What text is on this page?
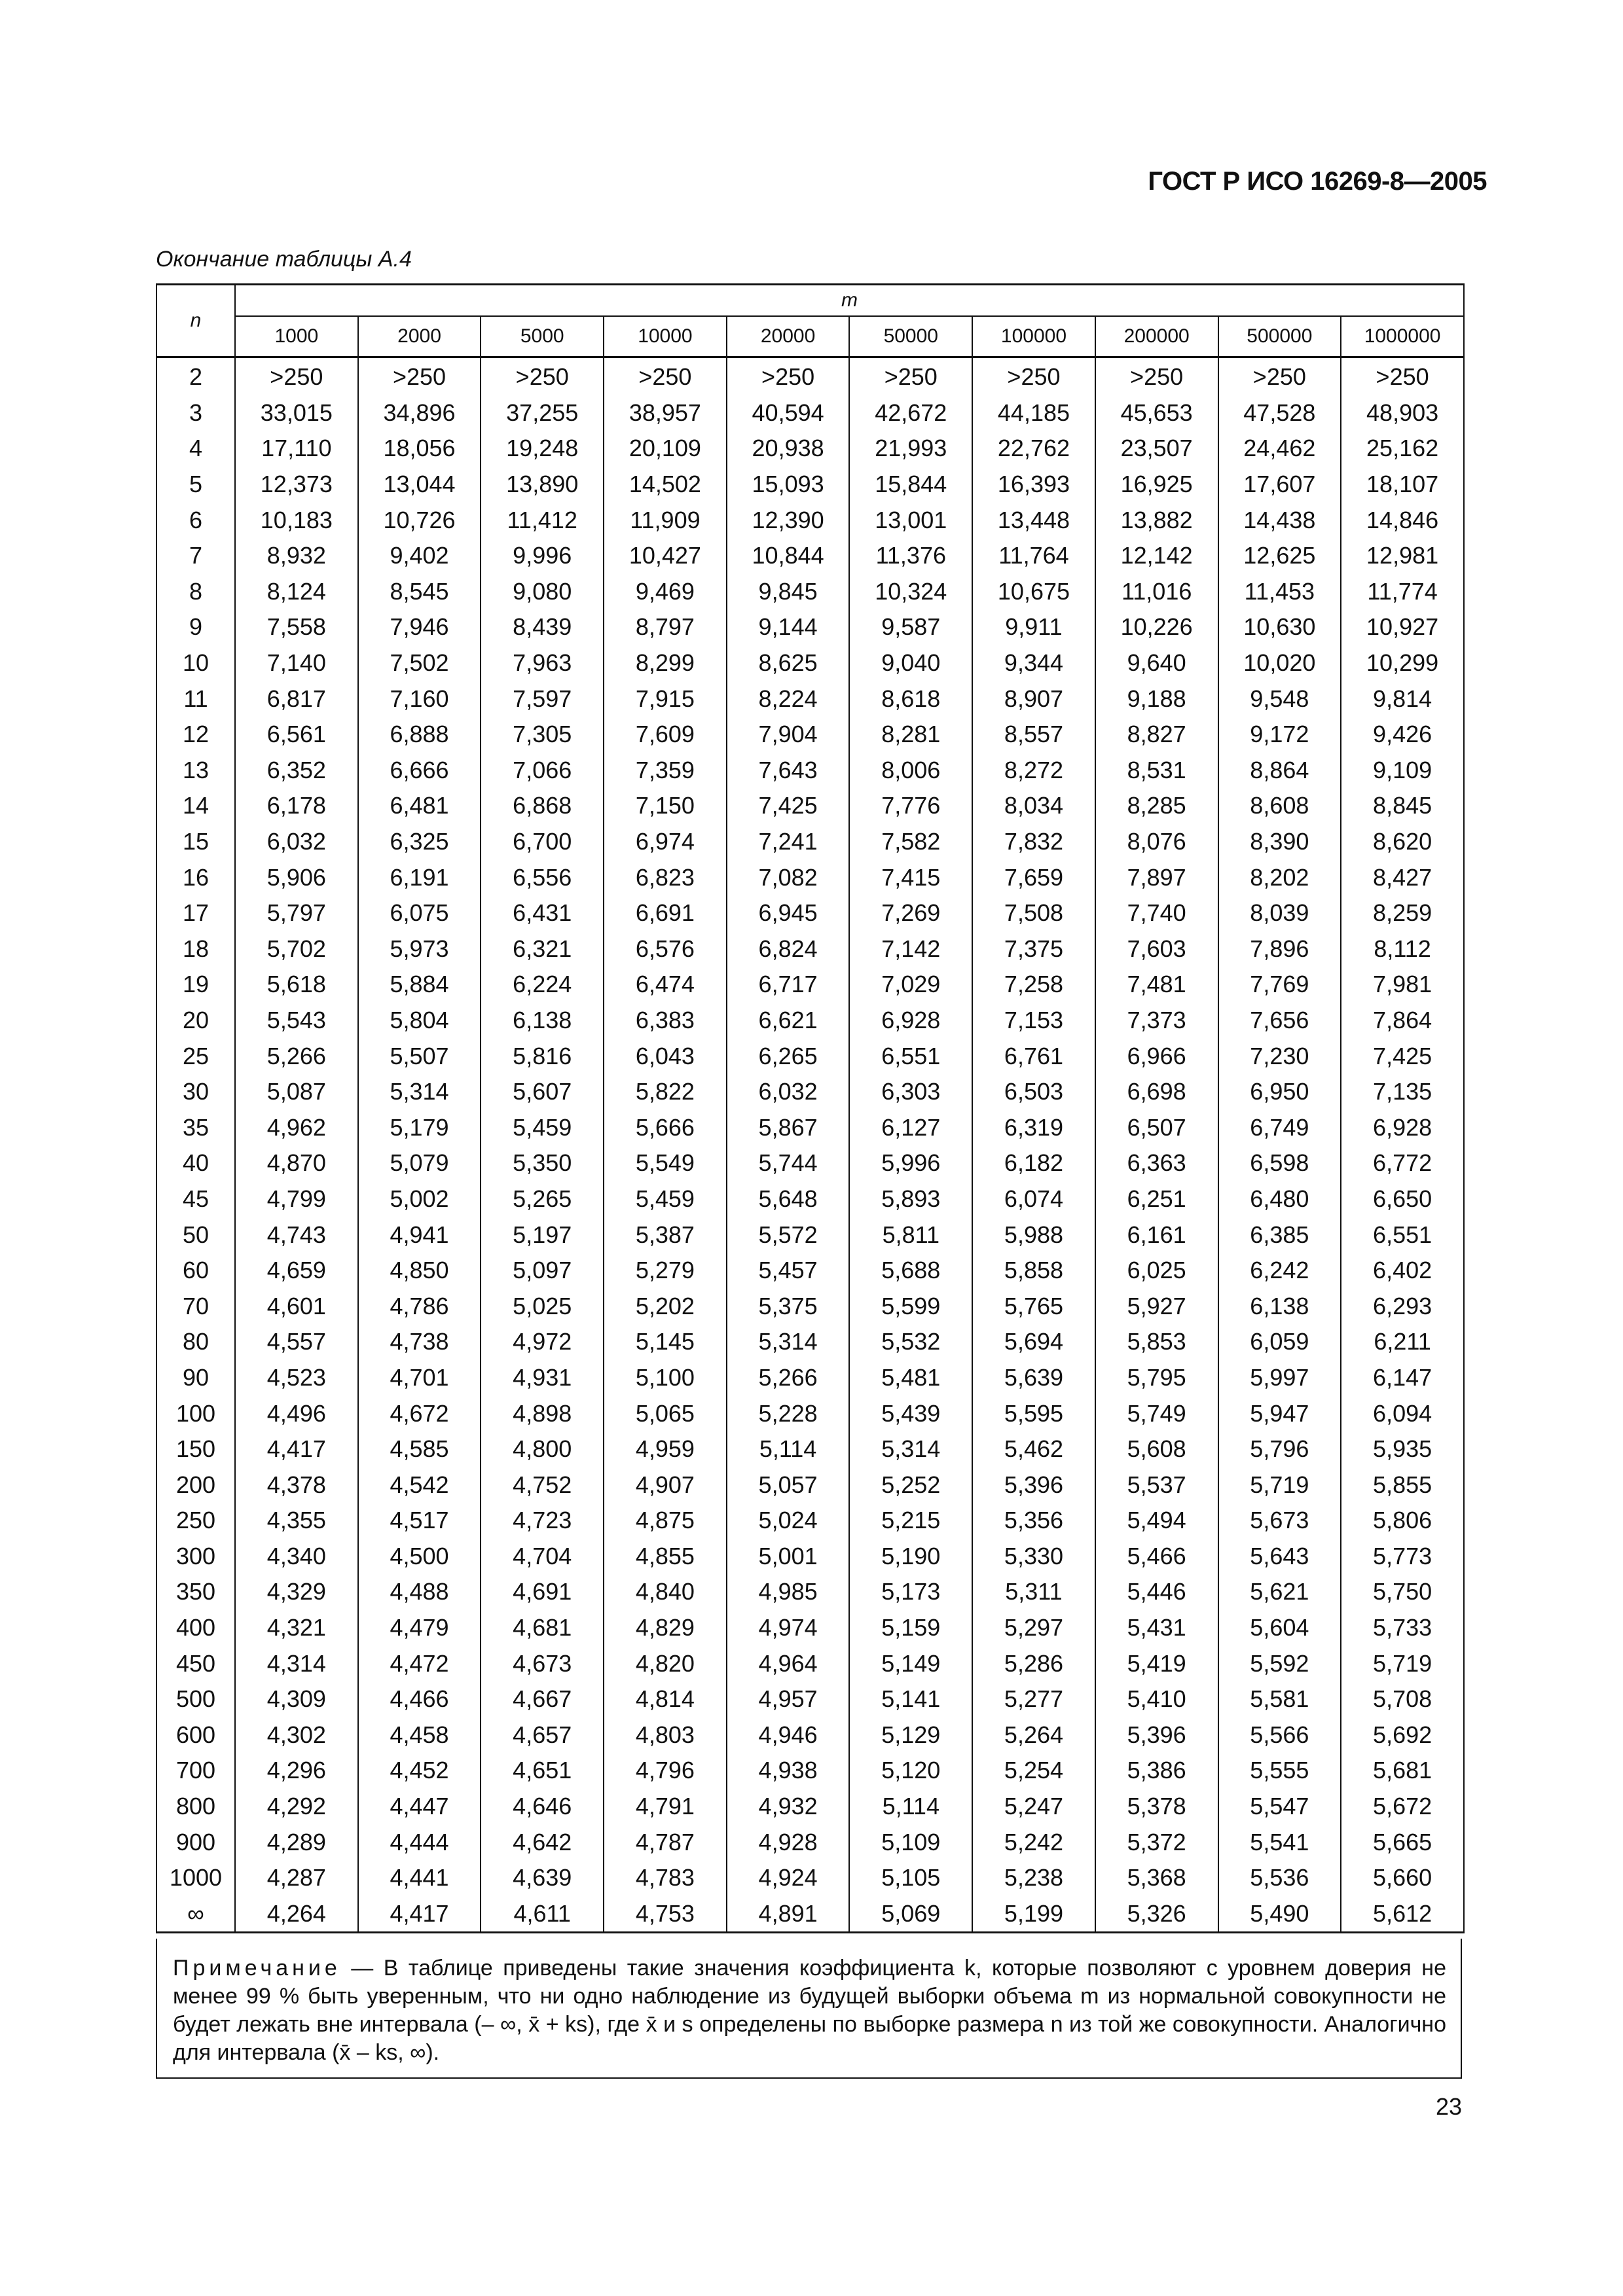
ГОСТ Р ИСО 16269-8—2005
Окончание таблицы А.4
n	m									
	1000	2000	5000	10000	20000	50000	100000	200000	500000	1000000
2	>250	>250	>250	>250	>250	>250	>250	>250	>250	>250
3	33,015	34,896	37,255	38,957	40,594	42,672	44,185	45,653	47,528	48,903
4	17,110	18,056	19,248	20,109	20,938	21,993	22,762	23,507	24,462	25,162
5	12,373	13,044	13,890	14,502	15,093	15,844	16,393	16,925	17,607	18,107
6	10,183	10,726	11,412	11,909	12,390	13,001	13,448	13,882	14,438	14,846
7	8,932	9,402	9,996	10,427	10,844	11,376	11,764	12,142	12,625	12,981
8	8,124	8,545	9,080	9,469	9,845	10,324	10,675	11,016	11,453	11,774
9	7,558	7,946	8,439	8,797	9,144	9,587	9,911	10,226	10,630	10,927
10	7,140	7,502	7,963	8,299	8,625	9,040	9,344	9,640	10,020	10,299
11	6,817	7,160	7,597	7,915	8,224	8,618	8,907	9,188	9,548	9,814
12	6,561	6,888	7,305	7,609	7,904	8,281	8,557	8,827	9,172	9,426
13	6,352	6,666	7,066	7,359	7,643	8,006	8,272	8,531	8,864	9,109
14	6,178	6,481	6,868	7,150	7,425	7,776	8,034	8,285	8,608	8,845
15	6,032	6,325	6,700	6,974	7,241	7,582	7,832	8,076	8,390	8,620
16	5,906	6,191	6,556	6,823	7,082	7,415	7,659	7,897	8,202	8,427
17	5,797	6,075	6,431	6,691	6,945	7,269	7,508	7,740	8,039	8,259
18	5,702	5,973	6,321	6,576	6,824	7,142	7,375	7,603	7,896	8,112
19	5,618	5,884	6,224	6,474	6,717	7,029	7,258	7,481	7,769	7,981
20	5,543	5,804	6,138	6,383	6,621	6,928	7,153	7,373	7,656	7,864
25	5,266	5,507	5,816	6,043	6,265	6,551	6,761	6,966	7,230	7,425
30	5,087	5,314	5,607	5,822	6,032	6,303	6,503	6,698	6,950	7,135
35	4,962	5,179	5,459	5,666	5,867	6,127	6,319	6,507	6,749	6,928
40	4,870	5,079	5,350	5,549	5,744	5,996	6,182	6,363	6,598	6,772
45	4,799	5,002	5,265	5,459	5,648	5,893	6,074	6,251	6,480	6,650
50	4,743	4,941	5,197	5,387	5,572	5,811	5,988	6,161	6,385	6,551
60	4,659	4,850	5,097	5,279	5,457	5,688	5,858	6,025	6,242	6,402
70	4,601	4,786	5,025	5,202	5,375	5,599	5,765	5,927	6,138	6,293
80	4,557	4,738	4,972	5,145	5,314	5,532	5,694	5,853	6,059	6,211
90	4,523	4,701	4,931	5,100	5,266	5,481	5,639	5,795	5,997	6,147
100	4,496	4,672	4,898	5,065	5,228	5,439	5,595	5,749	5,947	6,094
150	4,417	4,585	4,800	4,959	5,114	5,314	5,462	5,608	5,796	5,935
200	4,378	4,542	4,752	4,907	5,057	5,252	5,396	5,537	5,719	5,855
250	4,355	4,517	4,723	4,875	5,024	5,215	5,356	5,494	5,673	5,806
300	4,340	4,500	4,704	4,855	5,001	5,190	5,330	5,466	5,643	5,773
350	4,329	4,488	4,691	4,840	4,985	5,173	5,311	5,446	5,621	5,750
400	4,321	4,479	4,681	4,829	4,974	5,159	5,297	5,431	5,604	5,733
450	4,314	4,472	4,673	4,820	4,964	5,149	5,286	5,419	5,592	5,719
500	4,309	4,466	4,667	4,814	4,957	5,141	5,277	5,410	5,581	5,708
600	4,302	4,458	4,657	4,803	4,946	5,129	5,264	5,396	5,566	5,692
700	4,296	4,452	4,651	4,796	4,938	5,120	5,254	5,386	5,555	5,681
800	4,292	4,447	4,646	4,791	4,932	5,114	5,247	5,378	5,547	5,672
900	4,289	4,444	4,642	4,787	4,928	5,109	5,242	5,372	5,541	5,665
1000	4,287	4,441	4,639	4,783	4,924	5,105	5,238	5,368	5,536	5,660
∞	4,264	4,417	4,611	4,753	4,891	5,069	5,199	5,326	5,490	5,612
Примечание — В таблице приведены такие значения коэффициента k, которые позволяют с уровнем доверия не менее 99 % быть уверенным, что ни одно наблюдение из будущей выборки объема m из нормальной совокупности не будет лежать вне интервала (– ∞, x̄ + ks), где x̄ и s определены по выборке размера n из той же совокупности. Аналогично для интервала (x̄ – ks, ∞).
23
